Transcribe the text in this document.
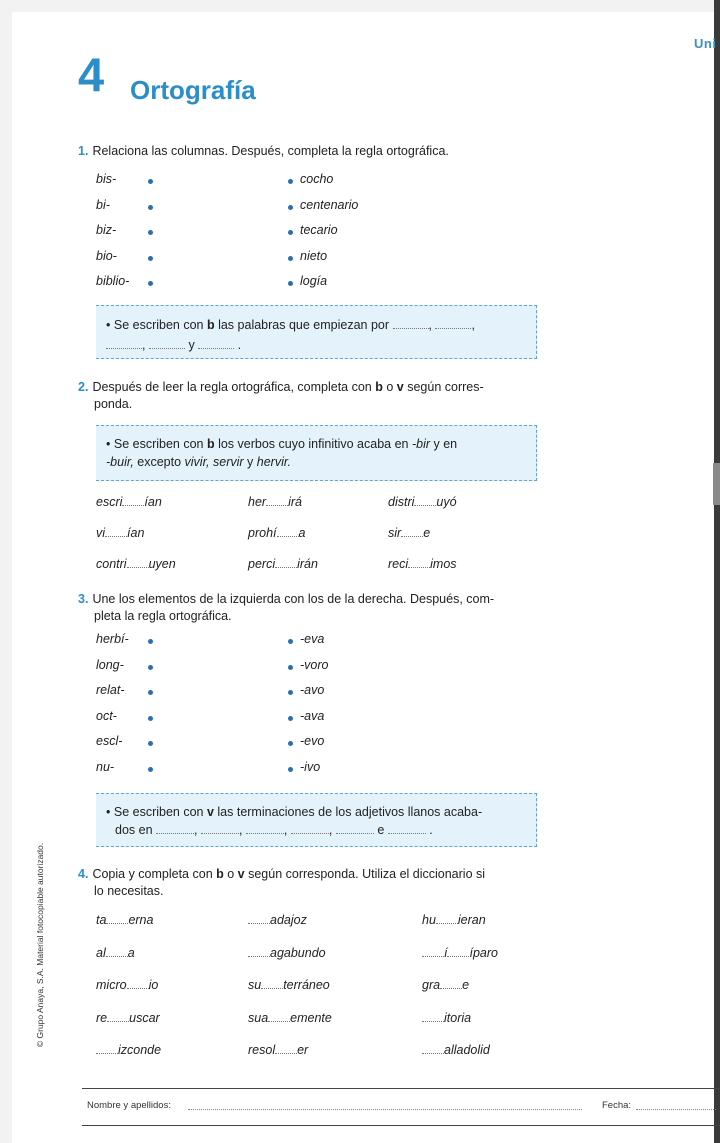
Uni
4 Ortografía
1. Relaciona las columnas. Después, completa la regla ortográfica.
• Se escriben con b las palabras que empiezan por	,	,
,	y	.
2. Después de leer la regla ortográfica, completa con b o v según corres-
ponda.
• Se escriben con b los verbos cuyo infinitivo acaba en -bir y en
-buir, excepto vivir, servir y hervir.
3. Une los elementos de la izquierda con los de la derecha. Después, com-
pleta la regla ortográfica.
• Se escriben con v las terminaciones de los adjetivos llanos acaba-
dos en	,	,	,	,	e	.
4. Copia y completa con b o v según corresponda. Utiliza el diccionario si
lo necesitas.
© Grupo Anaya, S.A. Material fotocopiable autorizado.
Nombre y apellidos:	Fecha:
bis-	cocho
bi-	centenario
biz-	tecario
bio-	nieto
biblio-	logía
herbí-	-eva
long-	-voro
relat-	-avo
oct-	-ava
escl-	-evo
nu-	-ivo
escri ían	her irá	distri uyó
vi ían	prohí a	sir e
contri uyen	perci irán	reci imos
ta erna	adajoz	hu ieran
al a	agabundo	í íparo
micro io	su terráneo	gra e
re uscar	sua emente	itoria
izconde	resol er	alladolid
